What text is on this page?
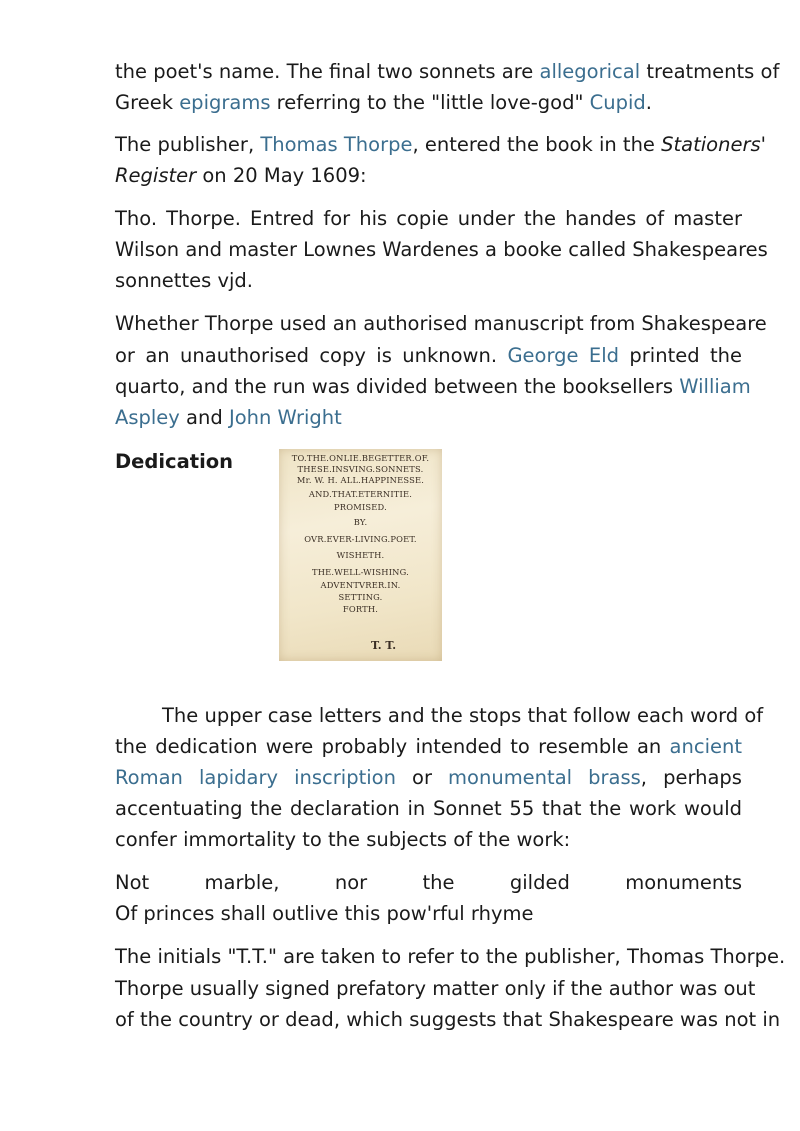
the poet's name. The final two sonnets are allegorical treatments of
Greek epigrams referring to the "little love-god" Cupid.
The publisher, Thomas Thorpe, entered the book in the Stationers'
Register on 20 May 1609:
Tho. Thorpe. Entred for his copie under the handes of master
Wilson and master Lownes Wardenes a booke called Shakespeares
sonnettes vjd.
Whether Thorpe used an authorised manuscript from Shakespeare
or an unauthorised copy is unknown. George Eld printed the
quarto, and the run was divided between the booksellers William
Aspley and John Wright
Dedication	TO.THE.ONLIE.BEGETTER.OF.
THESE.INSVING.SONNETS.
Mr. W. H. ALL.HAPPINESSE.
AND.THAT.ETERNITIE.
PROMISED.
BY.
OVR.EVER-LIVING.POET.
WISHETH.
THE.WELL-WISHING.
ADVENTVRER.IN.
SETTING.
FORTH.
T. T.
The upper case letters and the stops that follow each word of
the dedication were probably intended to resemble an ancient
Roman lapidary inscription or monumental brass, perhaps
accentuating the declaration in Sonnet 55 that the work would
confer immortality to the subjects of the work:
Not marble, nor the gilded monuments
Of princes shall outlive this pow'rful rhyme
The initials "T.T." are taken to refer to the publisher, Thomas Thorpe.
Thorpe usually signed prefatory matter only if the author was out
of the country or dead, which suggests that Shakespeare was not in
